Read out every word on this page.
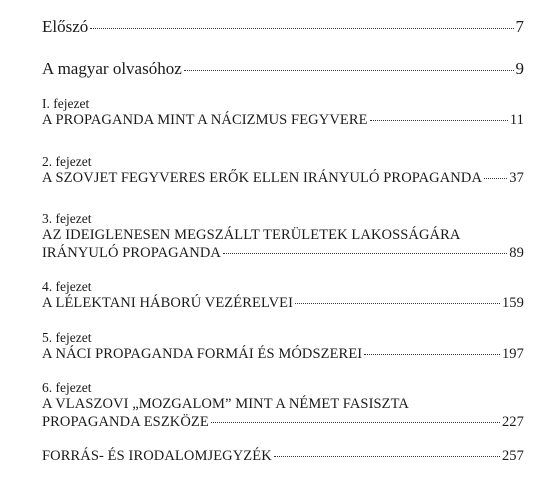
Előszó	7
A magyar olvasóhoz	9
I. fejezet
A PROPAGANDA MINT A NÁCIZMUS FEGYVERE	11
2. fejezet
A SZOVJET FEGYVERES ERŐK ELLEN IRÁNYULÓ PROPAGANDA 37
3. fejezet
AZ IDEIGLENESEN MEGSZÁLLT TERÜLETEK LAKOSSÁGÁRA
IRÁNYULÓ PROPAGANDA	89
4. fejezet
A LÉLEKTANI HÁBORÚ VEZÉRELVEI	159
5. fejezet
A NÁCI PROPAGANDA FORMÁI ÉS MÓDSZEREI	197
6. fejezet
A VLASZOVI „MOZGALOM” MINT A NÉMET FASISZTA
PROPAGANDA ESZKÖZE	227
FORRÁS- ÉS IRODALOMJEGYZÉK	257
